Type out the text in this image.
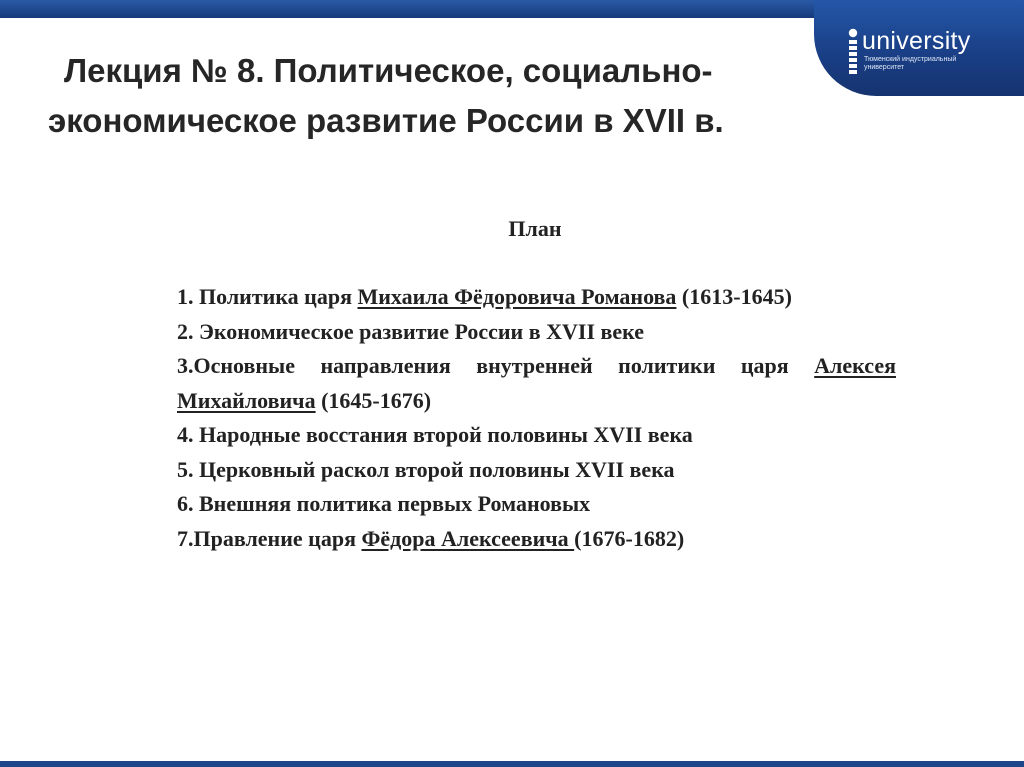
university
Тюменский индустриальный университет
Лекция № 8. Политическое, социально-
экономическое развитие России в XVII в.
План
1. Политика царя Михаила Фёдоровича Романова (1613-1645)
2. Экономическое развитие России в XVII веке
3.Основные направления внутренней политики царя Алексея Михайловича (1645-1676)
4. Народные восстания второй половины XVII века
5. Церковный раскол второй половины XVII века
6. Внешняя политика первых Романовых
7.Правление царя Фёдора Алексеевича (1676-1682)
